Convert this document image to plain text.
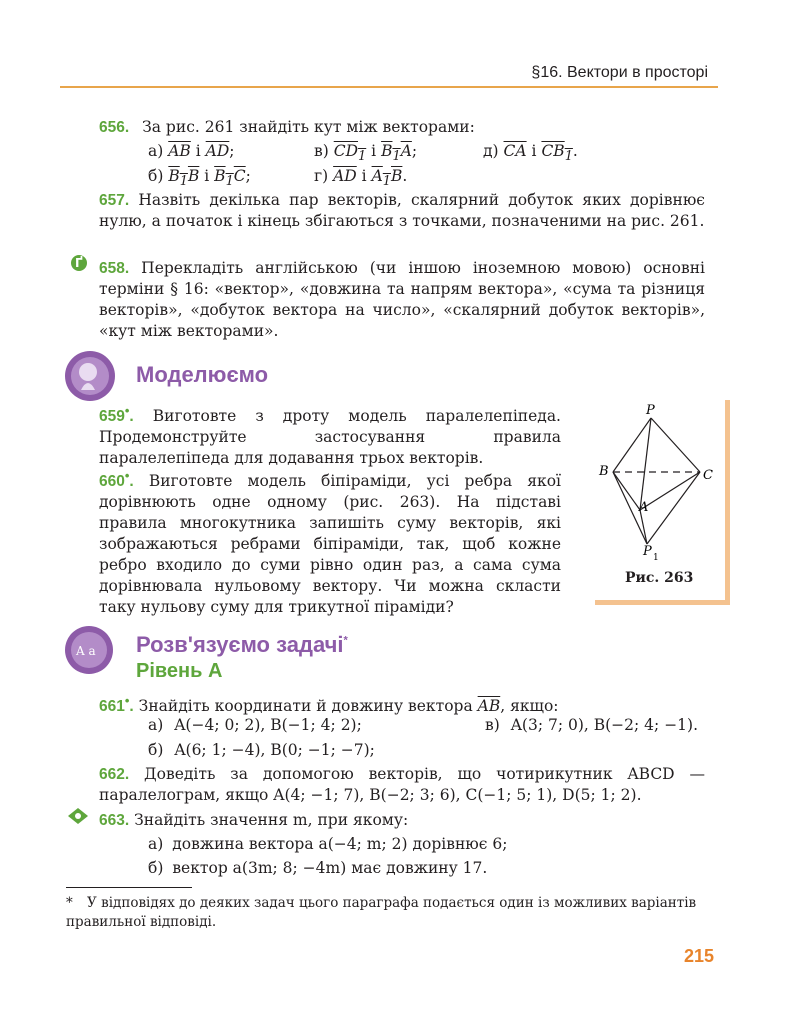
§16. Вектори в просторі
656. За рис. 261 знайдіть кут між векторами:
а) $\overline{AB}$ і $\overline{AD}$;	в) $CD_1$ і $B_1A$;	д) $\overline{CA}$ і $CB_1$.
б) $B_1B$ і $B_1C$;	г) $\overline{AD}$ і $A_1B$.
657. Назвіть декілька пар векторів, скалярний добуток яких дорівнює нулю, а початок і кінець збігаються з точками, позначеними на рис. 261.
Ґ 658. Перекладіть англійською (чи іншою іноземною мовою) основні терміни § 16: «вектор», «довжина та напрям вектора», «сума та різниця векторів», «добуток вектора на число», «скалярний добуток векторів», «кут між векторами».
Моделюємо
659•. Виготовте з дроту модель паралелепіпеда. Продемонструйте застосування правила паралелепіпеда для додавання трьох векторів.
660•. Виготовте модель біпіраміди, усі ребра якої дорівнюють одне одному (рис. 263). На підставі правила многокутника запишіть суму векторів, які зображаються ребрами біпіраміди, так, щоб кожне ребро входило до суми рівно один раз, а сама сума дорівнювала нульовому вектору. Чи можна скласти таку нульову суму для трикутної піраміди?
P
B	C
A
P 1
Рис. 263
A a Розв'язуємо задачі*
Рівень А
661•. Знайдіть координати й довжину вектора $\overline{AB}$, якщо:
а) A(−4; 0; 2), B(−1; 4; 2);	в) A(3; 7; 0), B(−2; 4; −1).
б) A(6; 1; −4), B(0; −1; −7);
662. Доведіть за допомогою векторів, що чотирикутник ABCD — паралелограм, якщо A(4; −1; 7), B(−2; 3; 6), C(−1; 5; 1), D(5; 1; 2).
663. Знайдіть значення m, при якому:
а) довжина вектора a(−4; m; 2) дорівнює 6;
б) вектор a(3m; 8; −4m) має довжину 17.
* У відповідях до деяких задач цього параграфа подається один із можливих варіантів правильної відповіді.
215
